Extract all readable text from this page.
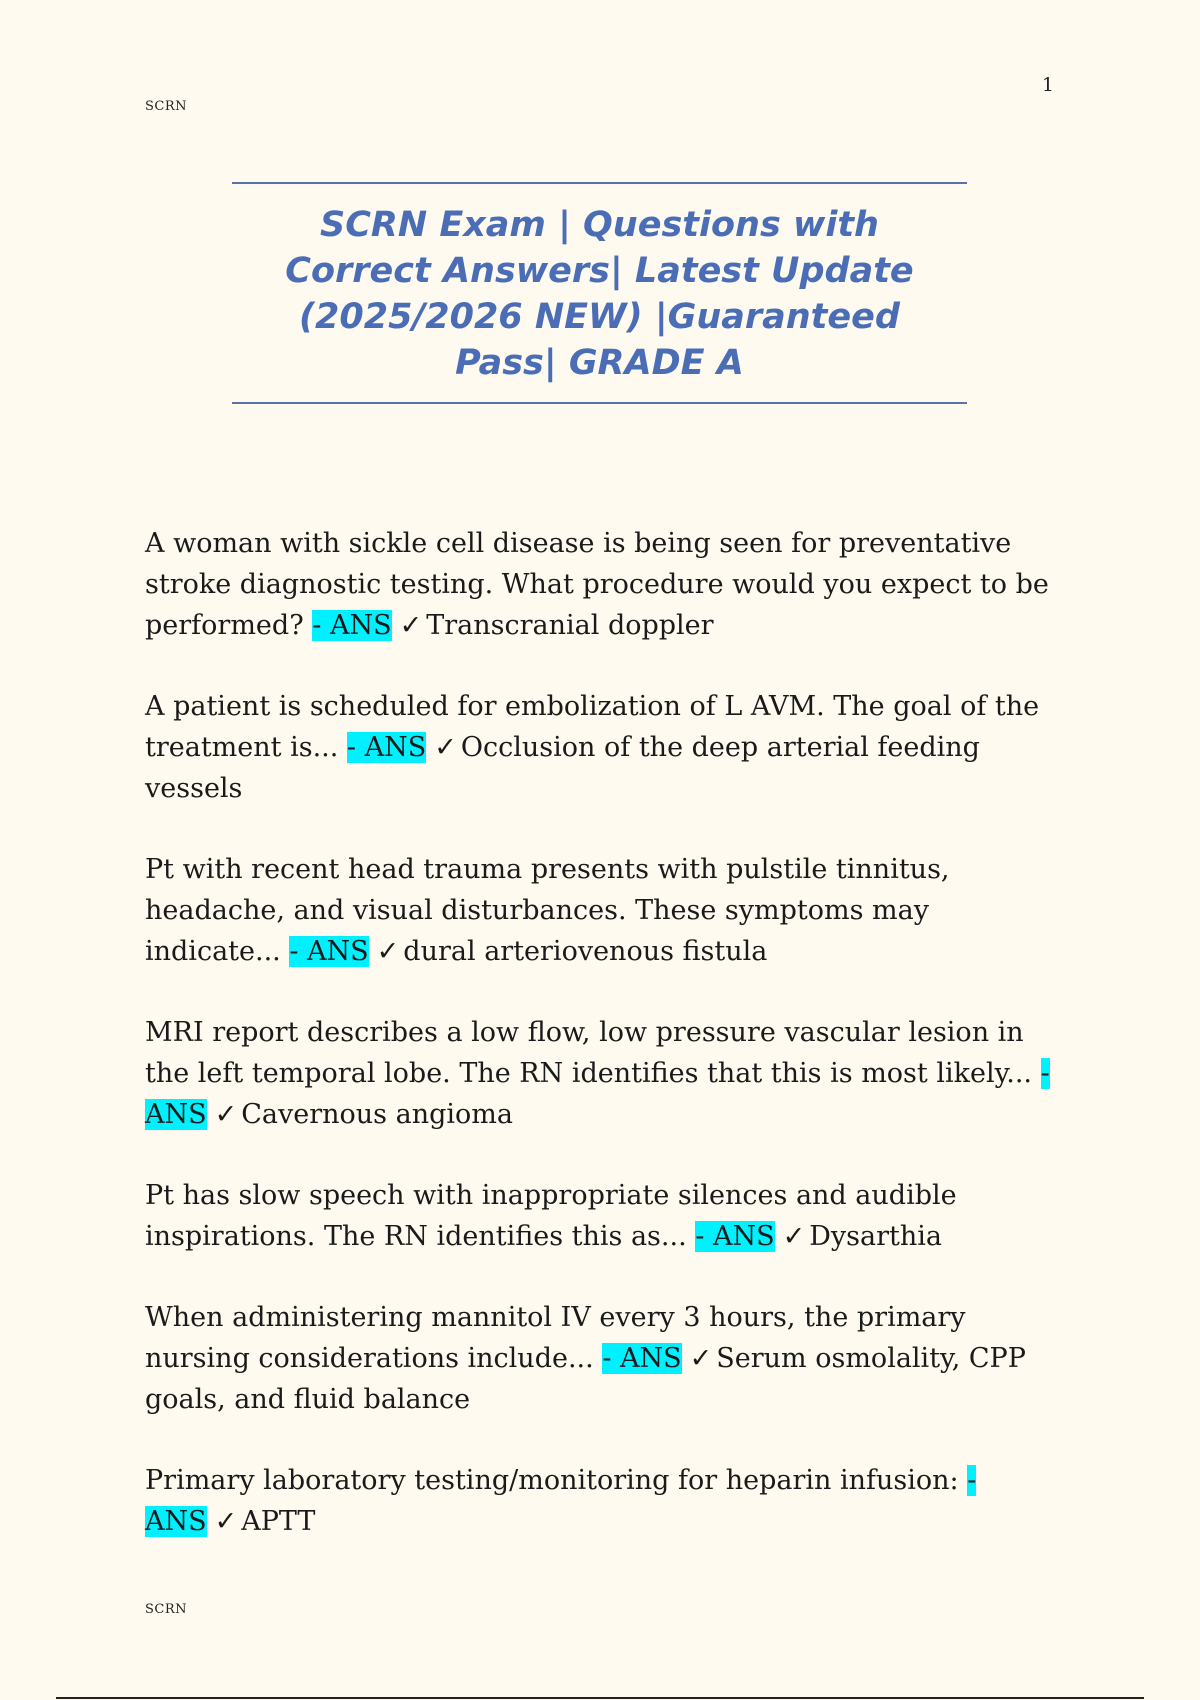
SCRN
1
SCRN Exam | Questions with Correct Answers| Latest Update (2025/2026 NEW) |Guaranteed Pass| GRADE A

A woman with sickle cell disease is being seen for preventative stroke diagnostic testing. What procedure would you expect to be performed? - ANS ✓ Transcranial doppler

A patient is scheduled for embolization of L AVM. The goal of the treatment is... - ANS ✓ Occlusion of the deep arterial feeding vessels

Pt with recent head trauma presents with pulstile tinnitus, headache, and visual disturbances. These symptoms may indicate... - ANS ✓ dural arteriovenous fistula

MRI report describes a low flow, low pressure vascular lesion in the left temporal lobe. The RN identifies that this is most likely... - ANS ✓ Cavernous angioma

Pt has slow speech with inappropriate silences and audible inspirations. The RN identifies this as... - ANS ✓ Dysarthia

When administering mannitol IV every 3 hours, the primary nursing considerations include... - ANS ✓ Serum osmolality, CPP goals, and fluid balance

Primary laboratory testing/monitoring for heparin infusion: - ANS ✓ APTT

SCRN
